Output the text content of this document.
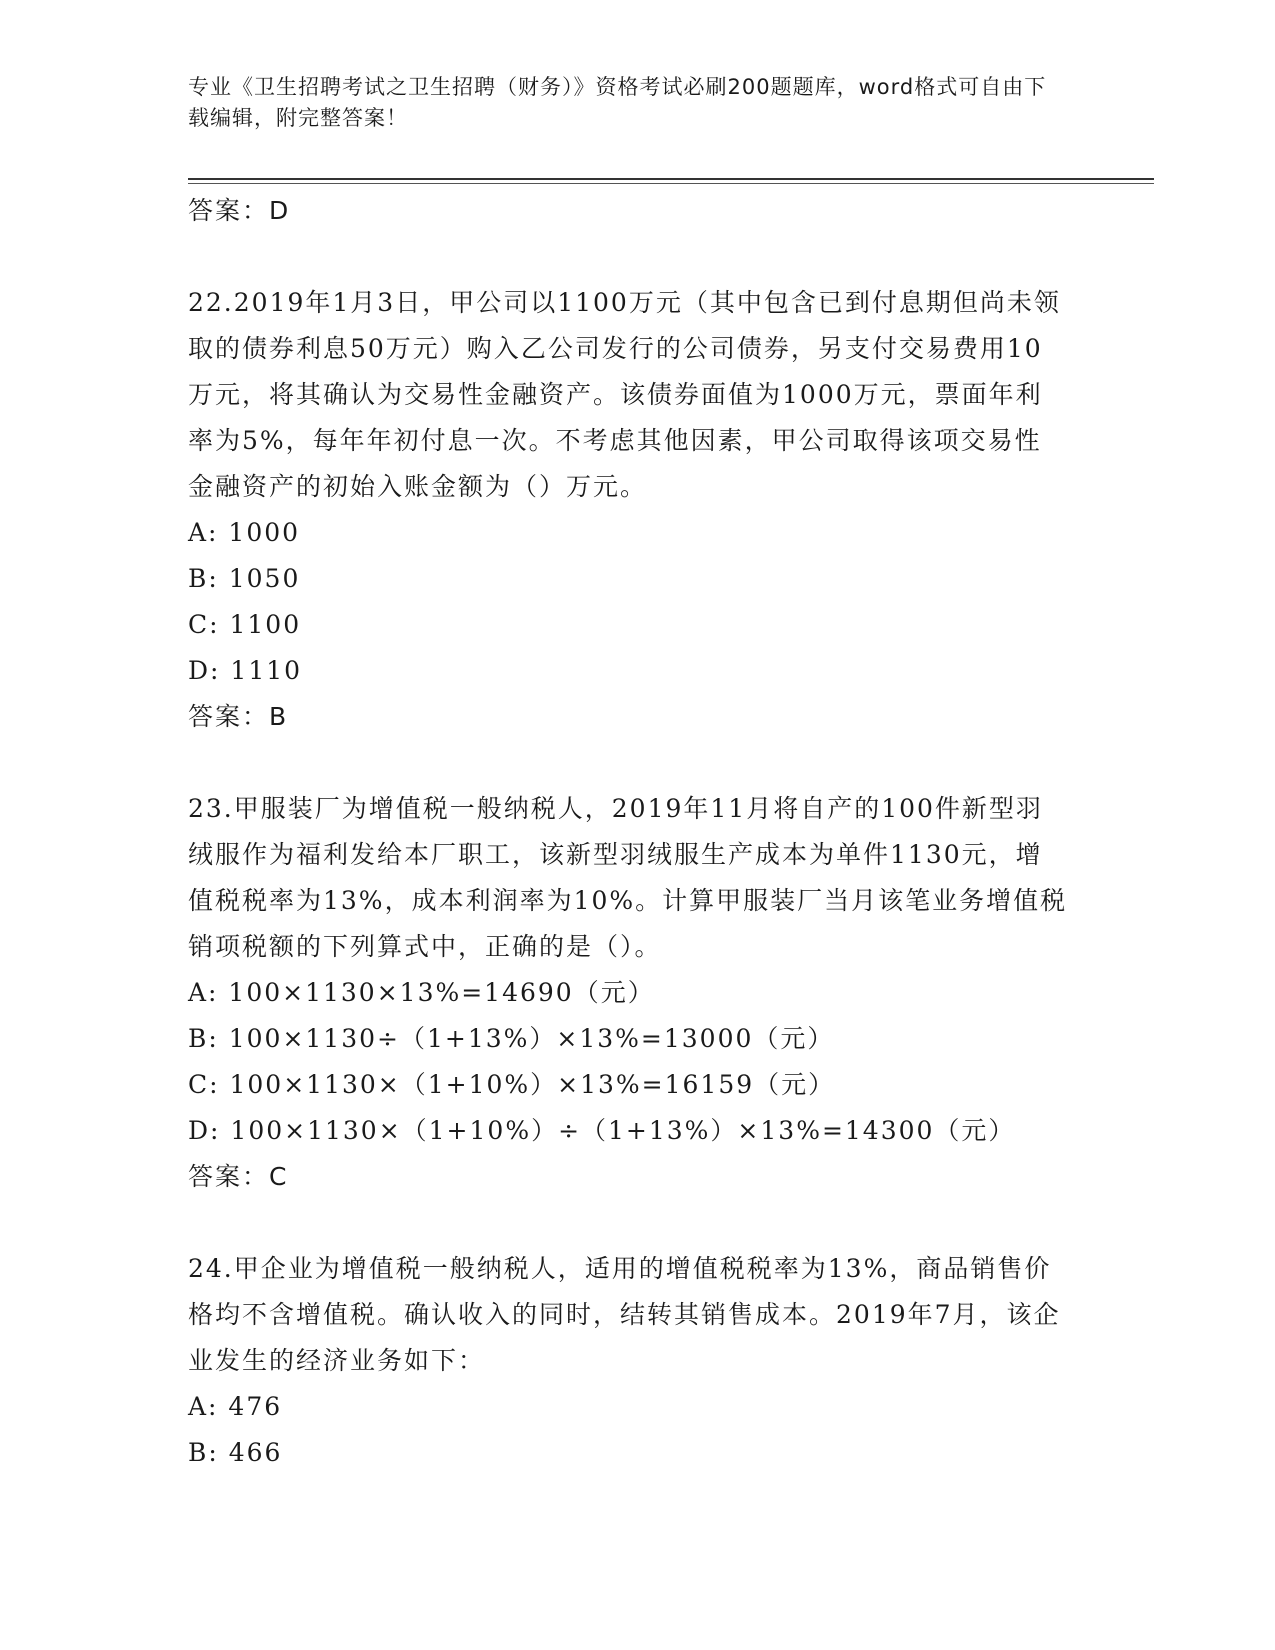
专业《卫生招聘考试之卫生招聘（财务）》资格考试必刷200题题库，word格式可自由下载编辑，附完整答案！
答案：D

22.2019年1月3日，甲公司以1100万元（其中包含已到付息期但尚未领取的债券利息50万元）购入乙公司发行的公司债券，另支付交易费用10万元，将其确认为交易性金融资产。该债券面值为1000万元，票面年利率为5%，每年年初付息一次。不考虑其他因素，甲公司取得该项交易性金融资产的初始入账金额为（）万元。

A: 1000
B: 1050
C: 1100
D: 1110
答案：B

23.甲服装厂为增值税一般纳税人，2019年11月将自产的100件新型羽绒服作为福利发给本厂职工，该新型羽绒服生产成本为单件1130元，增值税税率为13%，成本利润率为10%。计算甲服装厂当月该笔业务增值税销项税额的下列算式中，正确的是（）。

A: 100×1130×13%=14690（元）
B: 100×1130÷（1+13%）×13%=13000（元）
C: 100×1130×（1+10%）×13%=16159（元）
D: 100×1130×（1+10%）÷（1+13%）×13%=14300（元）
答案：C

24.甲企业为增值税一般纳税人，适用的增值税税率为13%，商品销售价格均不含增值税。确认收入的同时，结转其销售成本。2019年7月，该企业发生的经济业务如下：

A: 476
B: 466
